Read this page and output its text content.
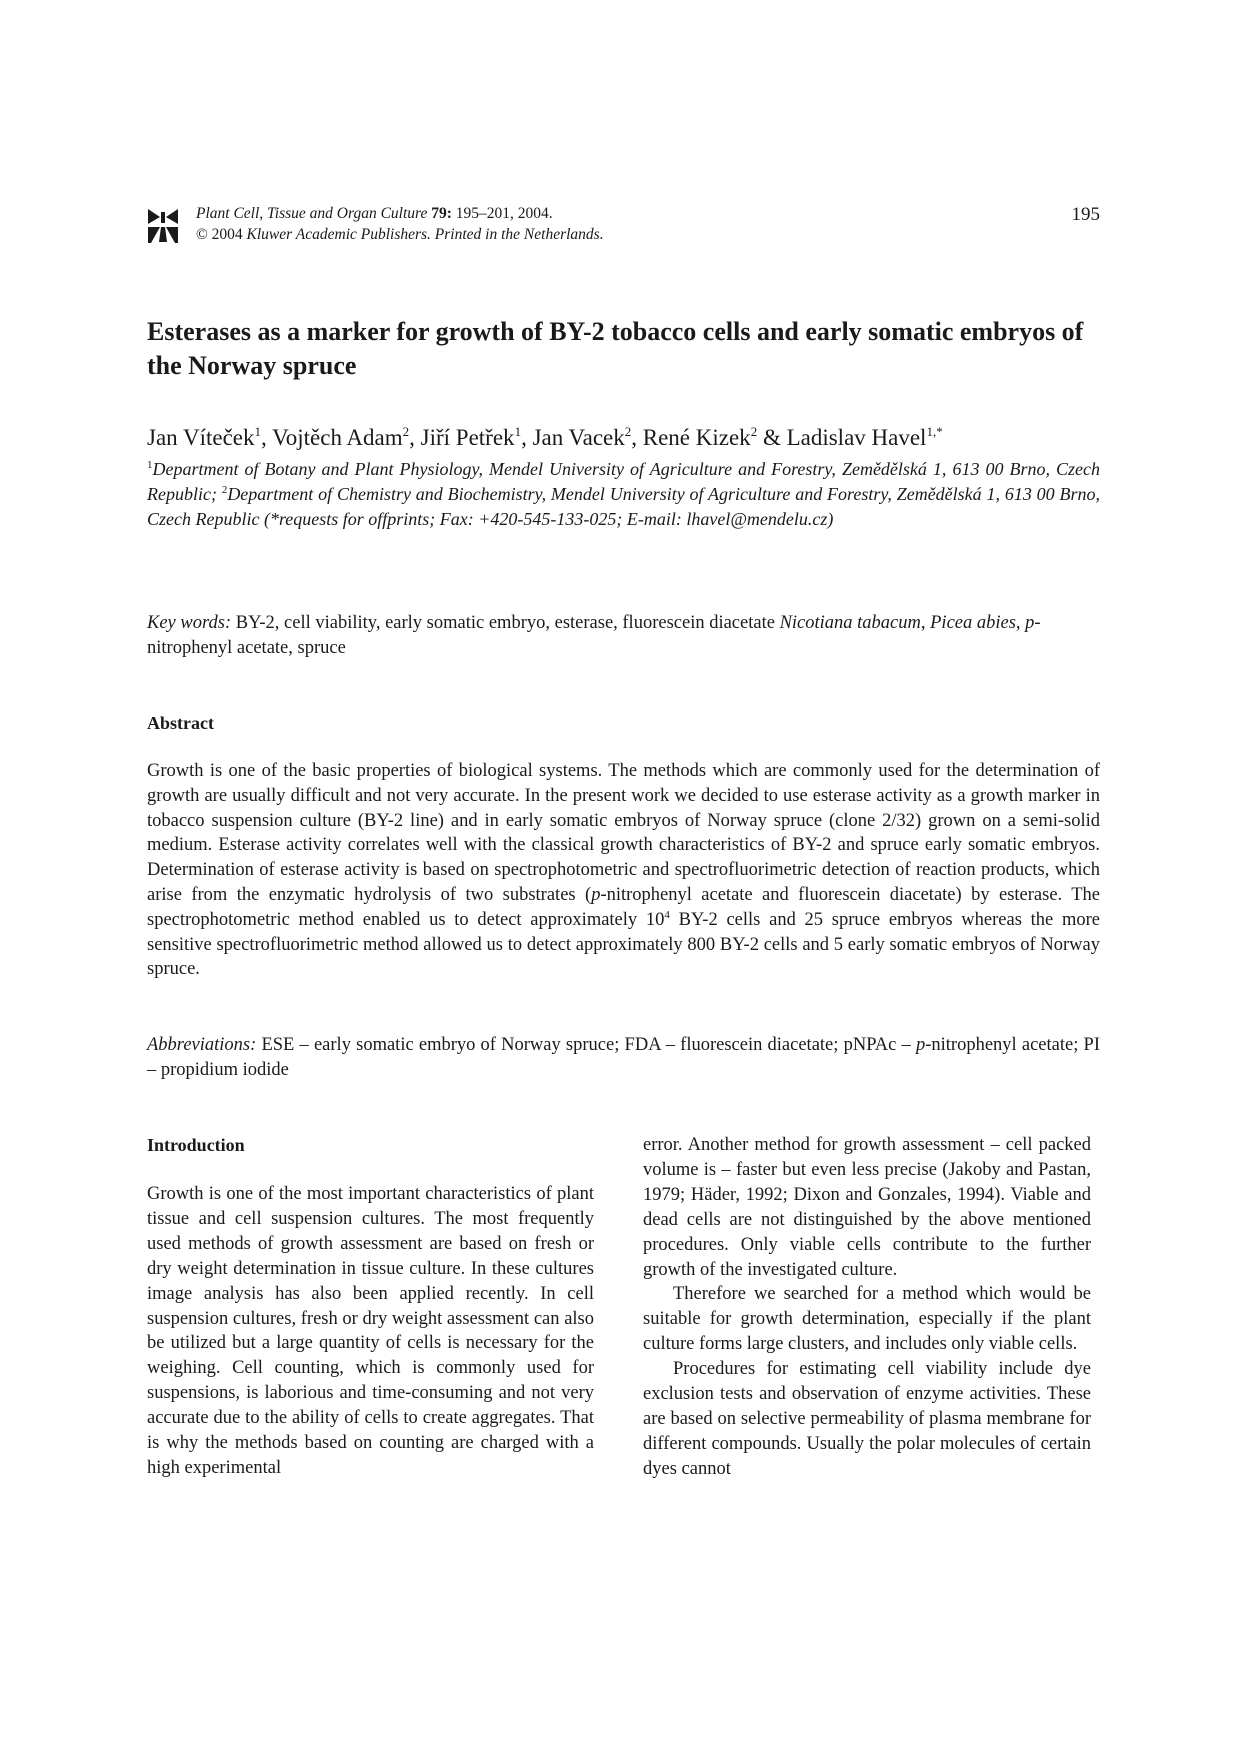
Plant Cell, Tissue and Organ Culture 79: 195–201, 2004.
© 2004 Kluwer Academic Publishers. Printed in the Netherlands.
195
Esterases as a marker for growth of BY-2 tobacco cells and early somatic embryos of the Norway spruce
Jan Víteček$^1$, Vojtěch Adam$^2$, Jiří Petřek$^1$, Jan Vacek$^2$, René Kizek$^2$ & Ladislav Havel$^{1,*}$
$^1$Department of Botany and Plant Physiology, Mendel University of Agriculture and Forestry, Zemědělská 1, 613 00 Brno, Czech Republic; $^2$Department of Chemistry and Biochemistry, Mendel University of Agriculture and Forestry, Zemědělská 1, 613 00 Brno, Czech Republic (*requests for offprints; Fax: +420-545-133-025; E-mail: lhavel@mendelu.cz)
Key words: BY-2, cell viability, early somatic embryo, esterase, fluorescein diacetate Nicotiana tabacum, Picea abies, p-nitrophenyl acetate, spruce
Abstract

Growth is one of the basic properties of biological systems. The methods which are commonly used for the determination of growth are usually difficult and not very accurate. In the present work we decided to use esterase activity as a growth marker in tobacco suspension culture (BY-2 line) and in early somatic embryos of Norway spruce (clone 2/32) grown on a semi-solid medium. Esterase activity correlates well with the classical growth characteristics of BY-2 and spruce early somatic embryos. Determination of esterase activity is based on spectrophotometric and spectrofluorimetric detection of reaction products, which arise from the enzymatic hydrolysis of two substrates (p-nitrophenyl acetate and fluorescein diacetate) by esterase. The spectrophotometric method enabled us to detect approximately $10^4$ BY-2 cells and 25 spruce embryos whereas the more sensitive spectrofluorimetric method allowed us to detect approximately 800 BY-2 cells and 5 early somatic embryos of Norway spruce.

Abbreviations: ESE – early somatic embryo of Norway spruce; FDA – fluorescein diacetate; pNPAc – p-nitrophenyl acetate; PI – propidium iodide
Introduction

Growth is one of the most important characteristics of plant tissue and cell suspension cultures. The most frequently used methods of growth assessment are based on fresh or dry weight determination in tissue culture. In these cultures image analysis has also been applied recently. In cell suspension cultures, fresh or dry weight assessment can also be utilized but a large quantity of cells is necessary for the weighing. Cell counting, which is commonly used for suspensions, is laborious and time-consuming and not very accurate due to the ability of cells to create aggregates. That is why the methods based on counting are charged with a high experimental

error. Another method for growth assessment – cell packed volume is – faster but even less precise (Jakoby and Pastan, 1979; Häder, 1992; Dixon and Gonzales, 1994). Viable and dead cells are not distinguished by the above mentioned procedures. Only viable cells contribute to the further growth of the investigated culture.

Therefore we searched for a method which would be suitable for growth determination, especially if the plant culture forms large clusters, and includes only viable cells.

Procedures for estimating cell viability include dye exclusion tests and observation of enzyme activities. These are based on selective permeability of plasma membrane for different compounds. Usually the polar molecules of certain dyes cannot
